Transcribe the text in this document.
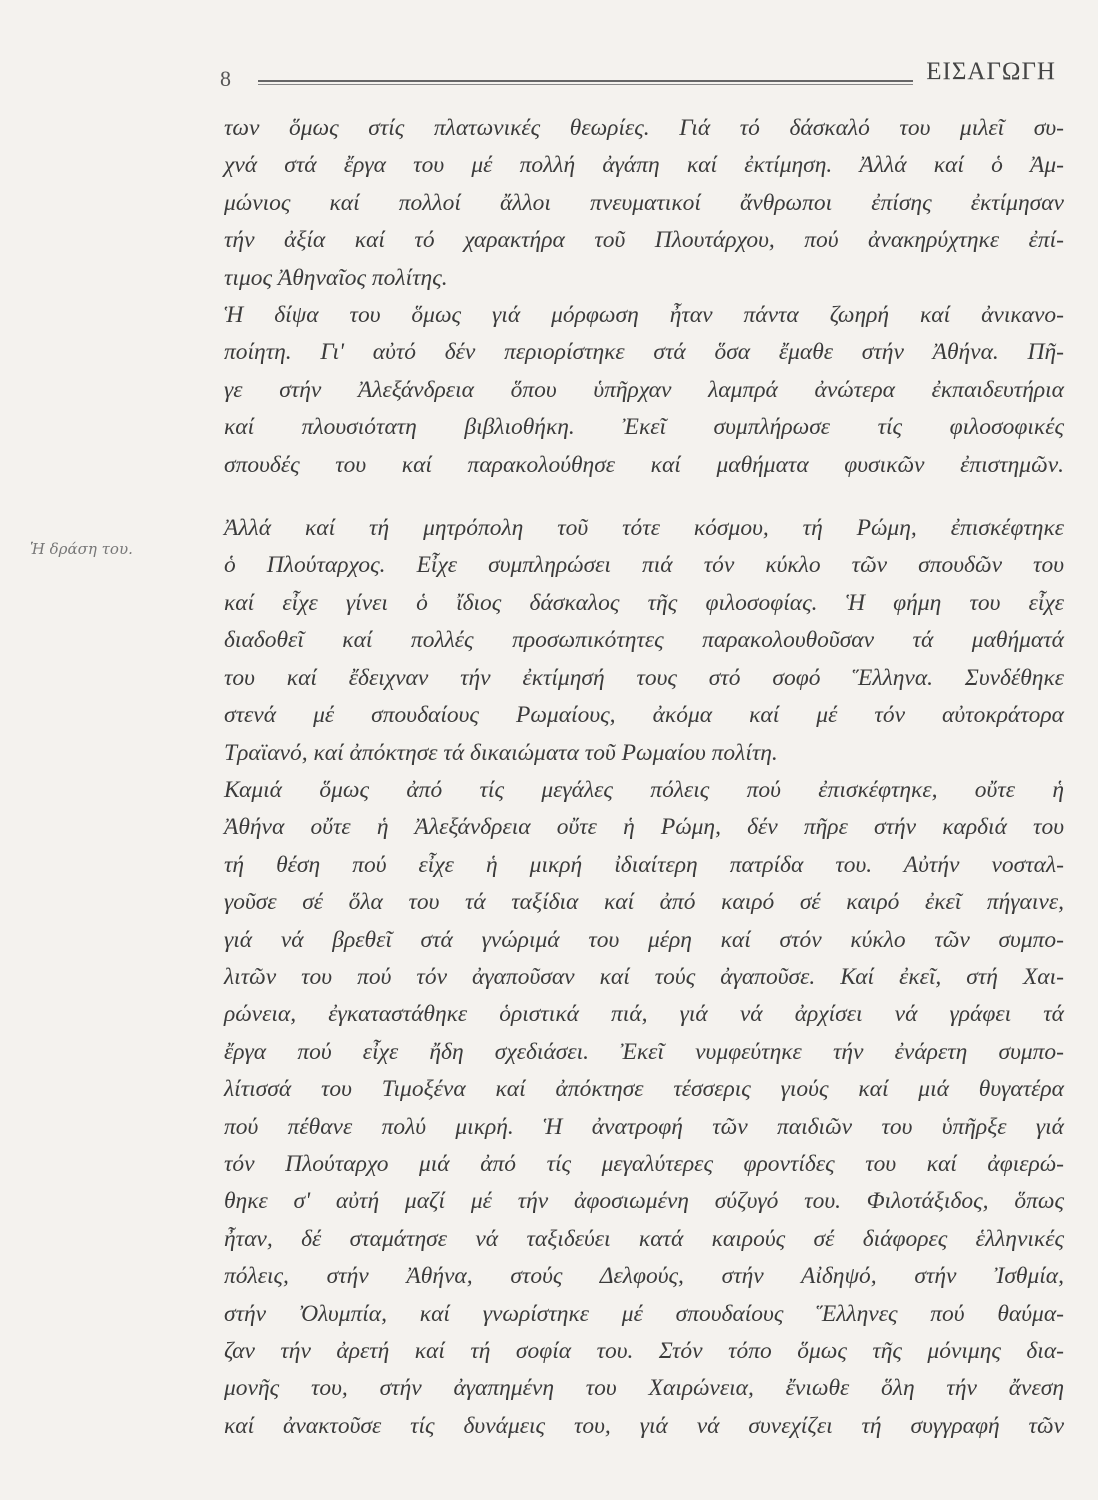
8	ΕΙΣΑΓΩΓΗ
Ἡ δράση του.
των ὅμως στίς πλατωνικές θεωρίες. Γιά τό δάσκαλό του μιλεῖ συ-
χνά στά ἔργα του μέ πολλή ἀγάπη καί ἐκτίμηση. Ἀλλά καί ὁ Ἀμ-
μώνιος καί πολλοί ἄλλοι πνευματικοί ἄνθρωποι ἐπίσης ἐκτίμησαν
τήν ἀξία καί τό χαρακτήρα τοῦ Πλουτάρχου, πού ἀνακηρύχτηκε ἐπί-
τιμος Ἀθηναῖος πολίτης.
Ἡ δίψα του ὅμως γιά μόρφωση ἦταν πάντα ζωηρή καί ἀνικανο-
ποίητη. Γι' αὐτό δέν περιορίστηκε στά ὅσα ἔμαθε στήν Ἀθήνα. Πῆ-
γε στήν Ἀλεξάνδρεια ὅπου ὑπῆρχαν λαμπρά ἀνώτερα ἐκπαιδευτήρια
καί πλουσιότατη βιβλιοθήκη. Ἐκεῖ συμπλήρωσε τίς φιλοσοφικές
σπουδές του καί παρακολούθησε καί μαθήματα φυσικῶν ἐπιστημῶν.
Ἀλλά καί τή μητρόπολη τοῦ τότε κόσμου, τή Ρώμη, ἐπισκέφτηκε
ὁ Πλούταρχος. Εἶχε συμπληρώσει πιά τόν κύκλο τῶν σπουδῶν του
καί εἶχε γίνει ὁ ἴδιος δάσκαλος τῆς φιλοσοφίας. Ἡ φήμη του εἶχε
διαδοθεῖ καί πολλές προσωπικότητες παρακολουθοῦσαν τά μαθήματά
του καί ἔδειχναν τήν ἐκτίμησή τους στό σοφό Ἕλληνα. Συνδέθηκε
στενά μέ σπουδαίους Ρωμαίους, ἀκόμα καί μέ τόν αὐτοκράτορα
Τραϊανό, καί ἀπόκτησε τά δικαιώματα τοῦ Ρωμαίου πολίτη.
Καμιά ὅμως ἀπό τίς μεγάλες πόλεις πού ἐπισκέφτηκε, οὔτε ἡ
Ἀθήνα οὔτε ἡ Ἀλεξάνδρεια οὔτε ἡ Ρώμη, δέν πῆρε στήν καρδιά του
τή θέση πού εἶχε ἡ μικρή ἰδιαίτερη πατρίδα του. Αὐτήν νοσταλ-
γοῦσε σέ ὅλα του τά ταξίδια καί ἀπό καιρό σέ καιρό ἐκεῖ πήγαινε,
γιά νά βρεθεῖ στά γνώριμά του μέρη καί στόν κύκλο τῶν συμπο-
λιτῶν του πού τόν ἀγαποῦσαν καί τούς ἀγαποῦσε. Καί ἐκεῖ, στή Χαι-
ρώνεια, ἐγκαταστάθηκε ὁριστικά πιά, γιά νά ἀρχίσει νά γράφει τά
ἔργα πού εἶχε ἤδη σχεδιάσει. Ἐκεῖ νυμφεύτηκε τήν ἐνάρετη συμπο-
λίτισσά του Τιμοξένα καί ἀπόκτησε τέσσερις γιούς καί μιά θυγατέρα
πού πέθανε πολύ μικρή. Ἡ ἀνατροφή τῶν παιδιῶν του ὑπῆρξε γιά
τόν Πλούταρχο μιά ἀπό τίς μεγαλύτερες φροντίδες του καί ἀφιερώ-
θηκε σ' αὐτή μαζί μέ τήν ἀφοσιωμένη σύζυγό του. Φιλοτάξιδος, ὅπως
ἦταν, δέ σταμάτησε νά ταξιδεύει κατά καιρούς σέ διάφορες ἑλληνικές
πόλεις, στήν Ἀθήνα, στούς Δελφούς, στήν Αἰδηψό, στήν Ἰσθμία,
στήν Ὀλυμπία, καί γνωρίστηκε μέ σπουδαίους Ἕλληνες πού θαύμα-
ζαν τήν ἀρετή καί τή σοφία του. Στόν τόπο ὅμως τῆς μόνιμης δια-
μονῆς του, στήν ἀγαπημένη του Χαιρώνεια, ἔνιωθε ὅλη τήν ἄνεση
καί ἀνακτοῦσε τίς δυνάμεις του, γιά νά συνεχίζει τή συγγραφή τῶν
